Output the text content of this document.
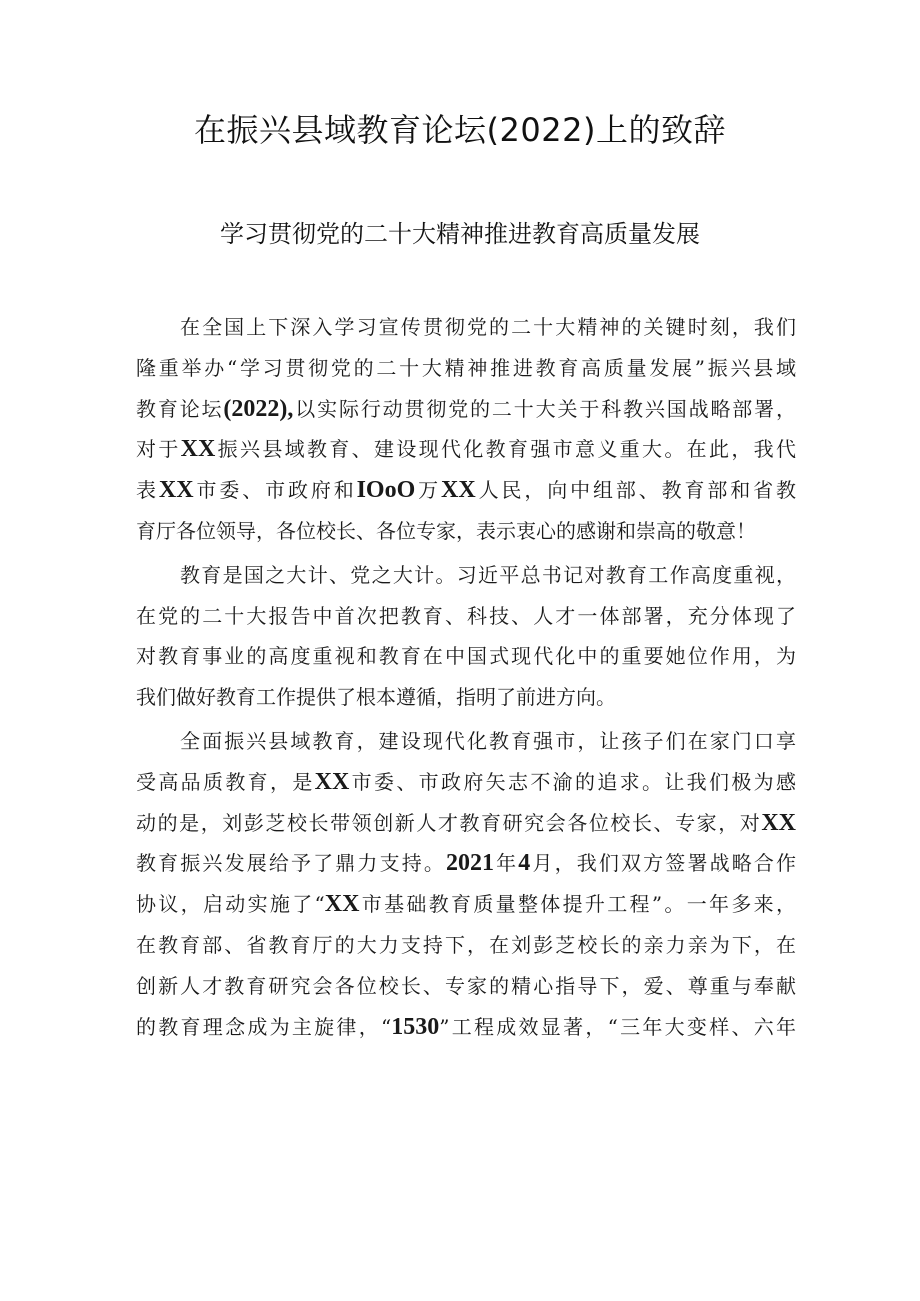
在振兴县域教育论坛(2022)上的致辞
学习贯彻党的二十大精神推进教育高质量发展
在全国上下深入学习宣传贯彻党的二十大精神的关键时刻，我们
隆重举办“学习贯彻党的二十大精神推进教育高质量发展”振兴县域
教育论坛(2022),以实际行动贯彻党的二十大关于科教兴国战略部署，
对于XX振兴县域教育、建设现代化教育强市意义重大。在此，我代
表XX市委、市政府和IOoO万XX人民，向中组部、教育部和省教
育厅各位领导，各位校长、各位专家，表示衷心的感谢和崇高的敬意！
教育是国之大计、党之大计。习近平总书记对教育工作高度重视，
在党的二十大报告中首次把教育、科技、人才一体部署，充分体现了
对教育事业的高度重视和教育在中国式现代化中的重要她位作用，为
我们做好教育工作提供了根本遵循，指明了前进方向。
全面振兴县域教育，建设现代化教育强市，让孩子们在家门口享
受高品质教育，是XX市委、市政府矢志不渝的追求。让我们极为感
动的是，刘彭芝校长带领创新人才教育研究会各位校长、专家，对XX
教育振兴发展给予了鼎力支持。2021年4月，我们双方签署战略合作
协议，启动实施了“XX市基础教育质量整体提升工程”。一年多来，
在教育部、省教育厅的大力支持下，在刘彭芝校长的亲力亲为下，在
创新人才教育研究会各位校长、专家的精心指导下，爱、尊重与奉献
的教育理念成为主旋律，“1530”工程成效显著，“三年大变样、六年
